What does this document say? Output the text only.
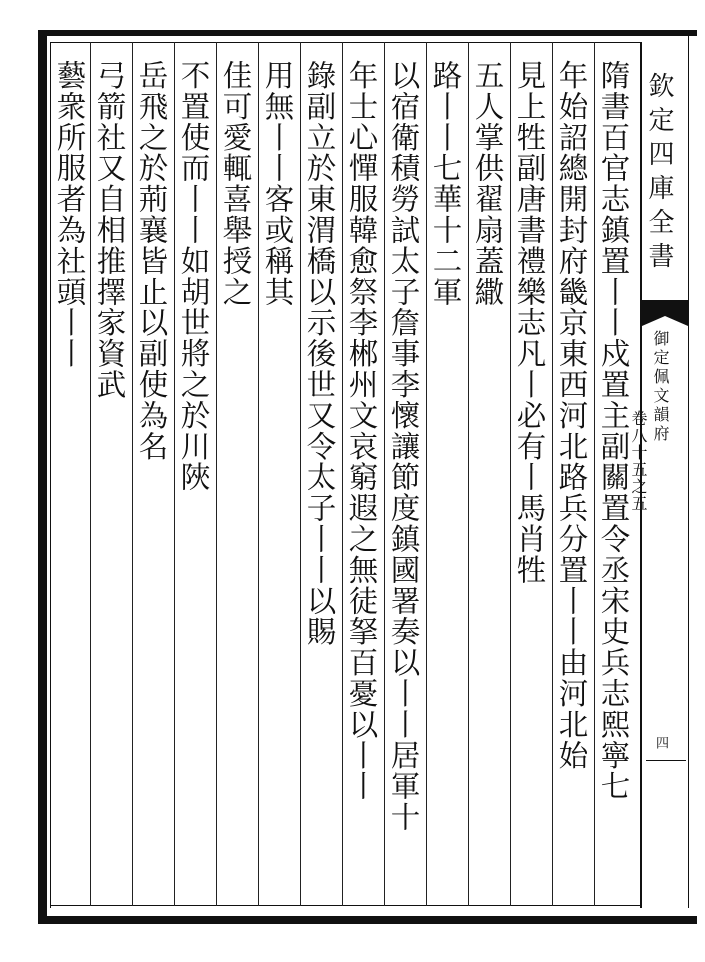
欽定四庫全書
御定佩文韻府
卷八十五之五
四
隋書百官志鎮置丨丨戍置主副關置令丞宋史兵志熙寧七
年始詔總開封府畿京東西河北路兵分置丨丨由河北始
見上牲副唐書禮樂志凡丨必有丨馬肖牲
五人掌供翟扇蓋繖
路丨丨七華十二軍
以宿衛積勞試太子詹事李懷讓節度鎮國署奏以丨丨居軍十
年士心憚服韓愈祭李郴州文哀窮遐之無徒拏百憂以丨丨
錄副立於東渭橋以示後世又令太子丨丨以賜
用無丨丨客或稱其
佳可愛輒喜舉授之
不置使而丨丨如胡世將之於川陜
岳飛之於荊襄皆止以副使為名
弓箭社又自相推擇家資武
藝衆所服者為社頭丨丨
